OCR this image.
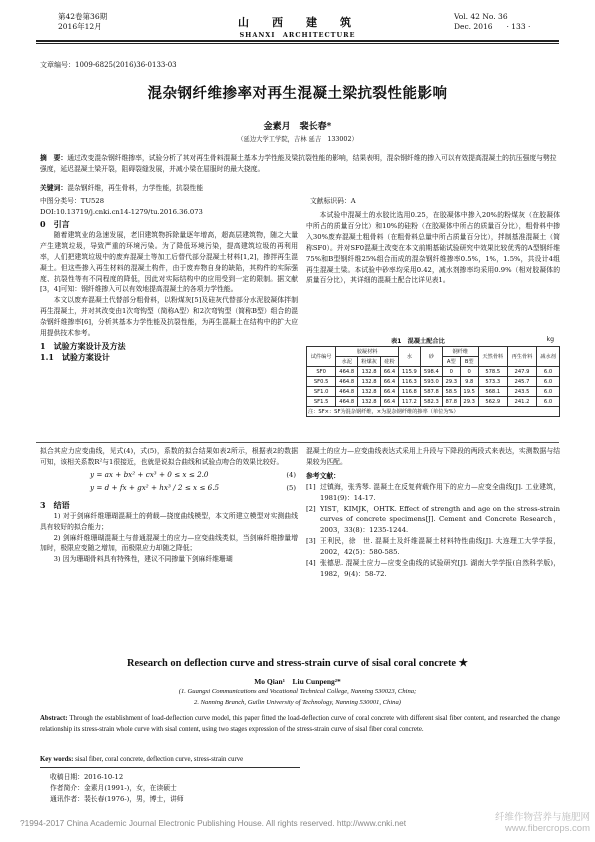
第42卷第36期
2016年12月	山　西　建　筑
SHANXI　ARCHITECTURE
Vol. 42 No. 36
Dec. 2016 · 133 ·
文章编号：1009-6825(2016)36-0133-03
混杂钢纤维掺率对再生混凝土梁抗裂性能影响
金素月　裴长春*
（延边大学工学院，吉林 延吉　133002）
摘　要：通过改变混杂钢纤维掺率，试验分析了其对再生骨料混凝土基本力学性能及梁抗裂性能的影响，结果表明，混杂钢纤维的掺入可以有效提高混凝土的抗压强度与劈拉强度，延迟混凝土梁开裂，阻碍裂缝发展，并减小梁在屈服时的最大挠度。
关键词：混杂钢纤维，再生骨料，力学性能，抗裂性能
中图分类号：TU528
DOI:10.13719/j.cnki.cn14-1279/tu.2016.36.073
文献标识码：A
0　引言
随着建筑业的急速发展，老旧建筑物拆除量逐年增高，超高层建筑物，随之大量产生建筑垃圾，导致严重的环境污染。为了降低环境污染，提高建筑垃圾的再利用率，人们把建筑垃圾中的废弃混凝土等加工后替代部分混凝土材料[1,2]，掺拌再生混凝土。但这些掺入再生材料的混凝土构件，由于废弃物自身的缺陷，其构件的实际强度、抗裂性等有不同程度的降低，因此对实际结构中的应用受到一定的限制。据文献[3，4]可知：钢纤维掺入可以有效地提高混凝土的各项力学性能。
本文以废弃混凝土代替部分粗骨料，以粉煤灰[5]及硅灰代替部分水泥胶凝体拌制再生混凝土，并对其改变由1次弯钩型（简称A型）和2次弯钩型（简称B型）组合的混杂钢纤维掺率[6]，分析其基本力学性能及抗裂性能，为再生混凝土在结构中的扩大应用提供技术参考。
1　试验方案设计及方法
1.1　试验方案设计
本试验中混凝土的水胶比选用0.25，在胶凝体中掺入20%的粉煤灰（在胶凝体中所占的质量百分比）和10%的硅粉（在胶凝体中所占的质量百分比），粗骨料中掺入30%废弃混凝土粗骨料（在粗骨料总量中所占质量百分比），拌制基准混凝土（简称SF0）。并对SF0混凝土改变在本文前期基础试验研究中效果比较优秀的A型钢纤维75%和B型钢纤维25%组合而成的混杂钢纤维掺率0.5%，1%，1.5%，共设计4组再生混凝土梁。本试验中砂率均采用0.42，减水剂掺率均采用0.9%（相对胶凝体的质量百分比），其详细的混凝土配合比详见表1。
表1　混凝土配合比	kg
试件编号	胶凝材料			水	砂	钢纤维		天然骨料	再生骨料	减水剂
	水泥	粉煤灰	硅粉			A型	B型			
SF0	464.8	132.8	66.4	115.9	598.4	0	0	578.5	247.9	6.0
SF0.5	464.8	132.8	66.4	116.3	593.0	29.3	9.8	573.3	245.7	6.0
SF1.0	464.8	132.8	66.4	116.8	587.8	58.5	19.5	568.1	243.5	6.0
SF1.5	464.8	132.8	66.4	117.2	582.3	87.8	29.3	562.9	241.2	6.0
注：SF×：SF为混杂钢纤维，×为混杂钢纤维的掺率（单位为%）										
拟合其应力应变曲线，见式(4)，式(5)，系数的拟合结果如表2所示，根据表2的数据可知，该相关系数R²与1很接近，也就是说拟合曲线和试验点吻合的效果比较好。
y = ax + bx² + cx³ + 0 ≤ x ≤ 2.0	(4)
y = d + fx + gx² + hx³ / 2 ≤ x ≤ 6.5	(5)
3　结语
1) 对于剑麻纤维珊瑚混凝土的荷载—挠度曲线模型，本文所建立模型对实测曲线具有较好的拟合能力；
2) 剑麻纤维珊瑚混凝土与普通混凝土的应力—应变曲线类似，当剑麻纤维掺量增加时，极限应变随之增加，而极限应力却随之降低；
3) 因为珊瑚骨料具有特殊性，建议不同掺量下剑麻纤维珊瑚
混凝土的应力—应变曲线表达式采用上升段与下降段的两段式来表达，实测数据与结果较为匹配。
参考文献：
[1] 过镇海，张秀琴. 混凝土在反复荷载作用下的应力—应变全曲线[J]. 工业建筑，1981(9)：14-17.
[2] YIST，KIMJK，OHTK. Effect of strength and age on the stress-strain curves of concrete specimens[J]. Cement and Concrete Research，2003，33(8)：1235-1244.
[3] 王利民，徐　世. 混凝土及纤维混凝土材料特性曲线[J]. 大连理工大学学报，2002，42(5)：580-585.
[4] 张德思. 混凝土应力—应变全曲线的试验研究[J]. 湖南大学学报(自然科学版)，1982，9(4)：58-72.
Research on deflection curve and stress-strain curve of sisal coral concrete ★
Mo Qian¹　Liu Cunpeng²*
(1. Guangxi Communications and Vocational Technical College, Nanning 530023, China;
2. Nanning Branch, Guilin University of Technology, Nanning 530001, China)
Abstract: Through the establishment of load-deflection curve model, this paper fitted the load-deflection curve of coral concrete with different sisal fiber content, and researched the change relationship its stress-strain whole curve with sisal content, using two stages expression of the stress-strain curve of sisal fiber coral concrete.
Key words: sisal fiber, coral concrete, deflection curve, stress-strain curve
收稿日期：2016-10-12
作者简介：金素月(1991-)，女，在读硕士
通讯作者：裴长春(1976-)，男，博士，讲师
?1994-2017 China Academic Journal Electronic Publishing House. All rights reserved. http://www.cnki.net	纤维作物营养与施肥网 www.fibercrops.com
